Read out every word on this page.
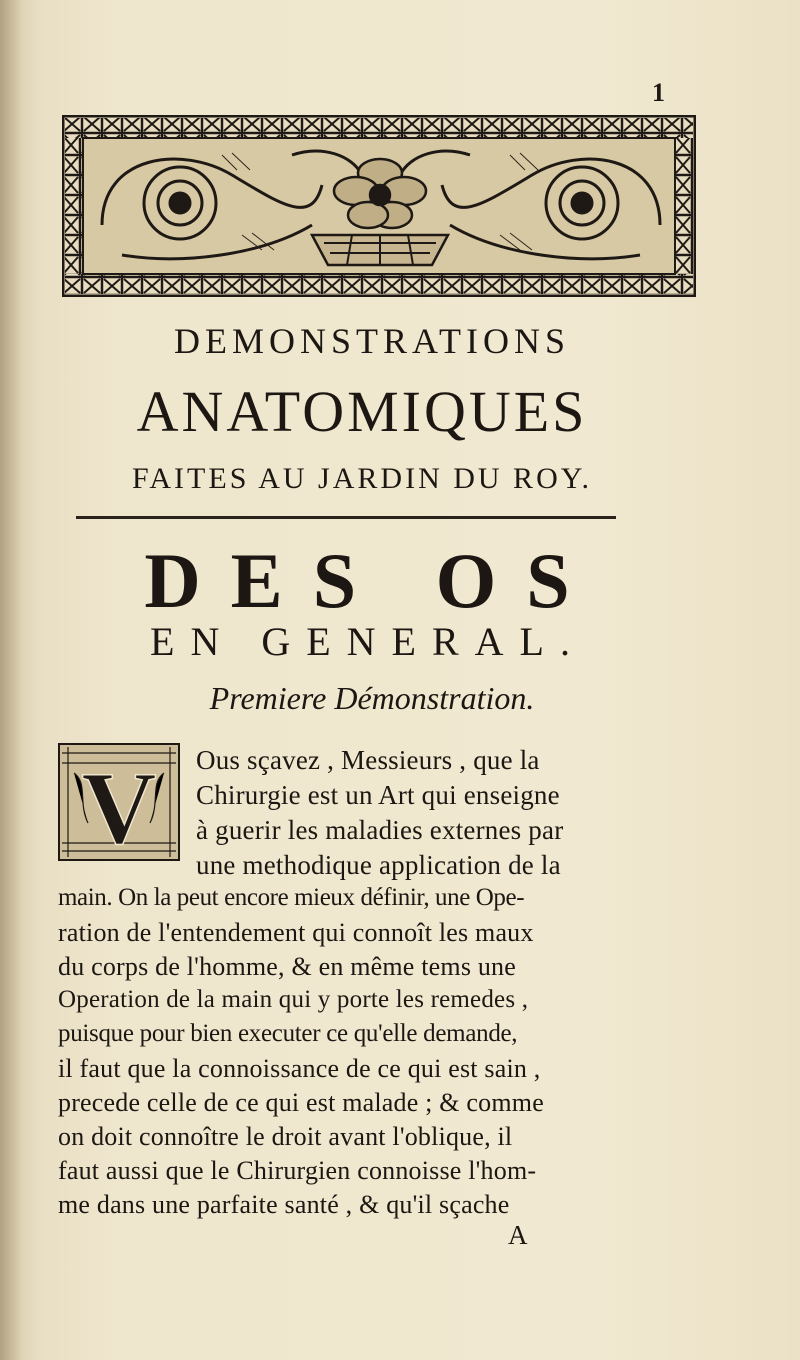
1
DEMONSTRATIONS
ANATOMIQUES
FAITES AU JARDIN DU ROY.
DES OS
EN GENERAL.
Premiere Démonstration.
V Ous sçavez , Messieurs , que la
Chirurgie est un Art qui enseigne
à guerir les maladies externes par
une methodique application de la
main. On la peut encore mieux définir, une Ope-
ration de l'entendement qui connoît les maux
du corps de l'homme, & en même tems une
Operation de la main qui y porte les remedes ,
puisque pour bien executer ce qu'elle demande,
il faut que la connoissance de ce qui est sain ,
precede celle de ce qui est malade ; & comme
on doit connoître le droit avant l'oblique, il
faut aussi que le Chirurgien connoisse l'hom-
me dans une parfaite santé , & qu'il sçache
A
